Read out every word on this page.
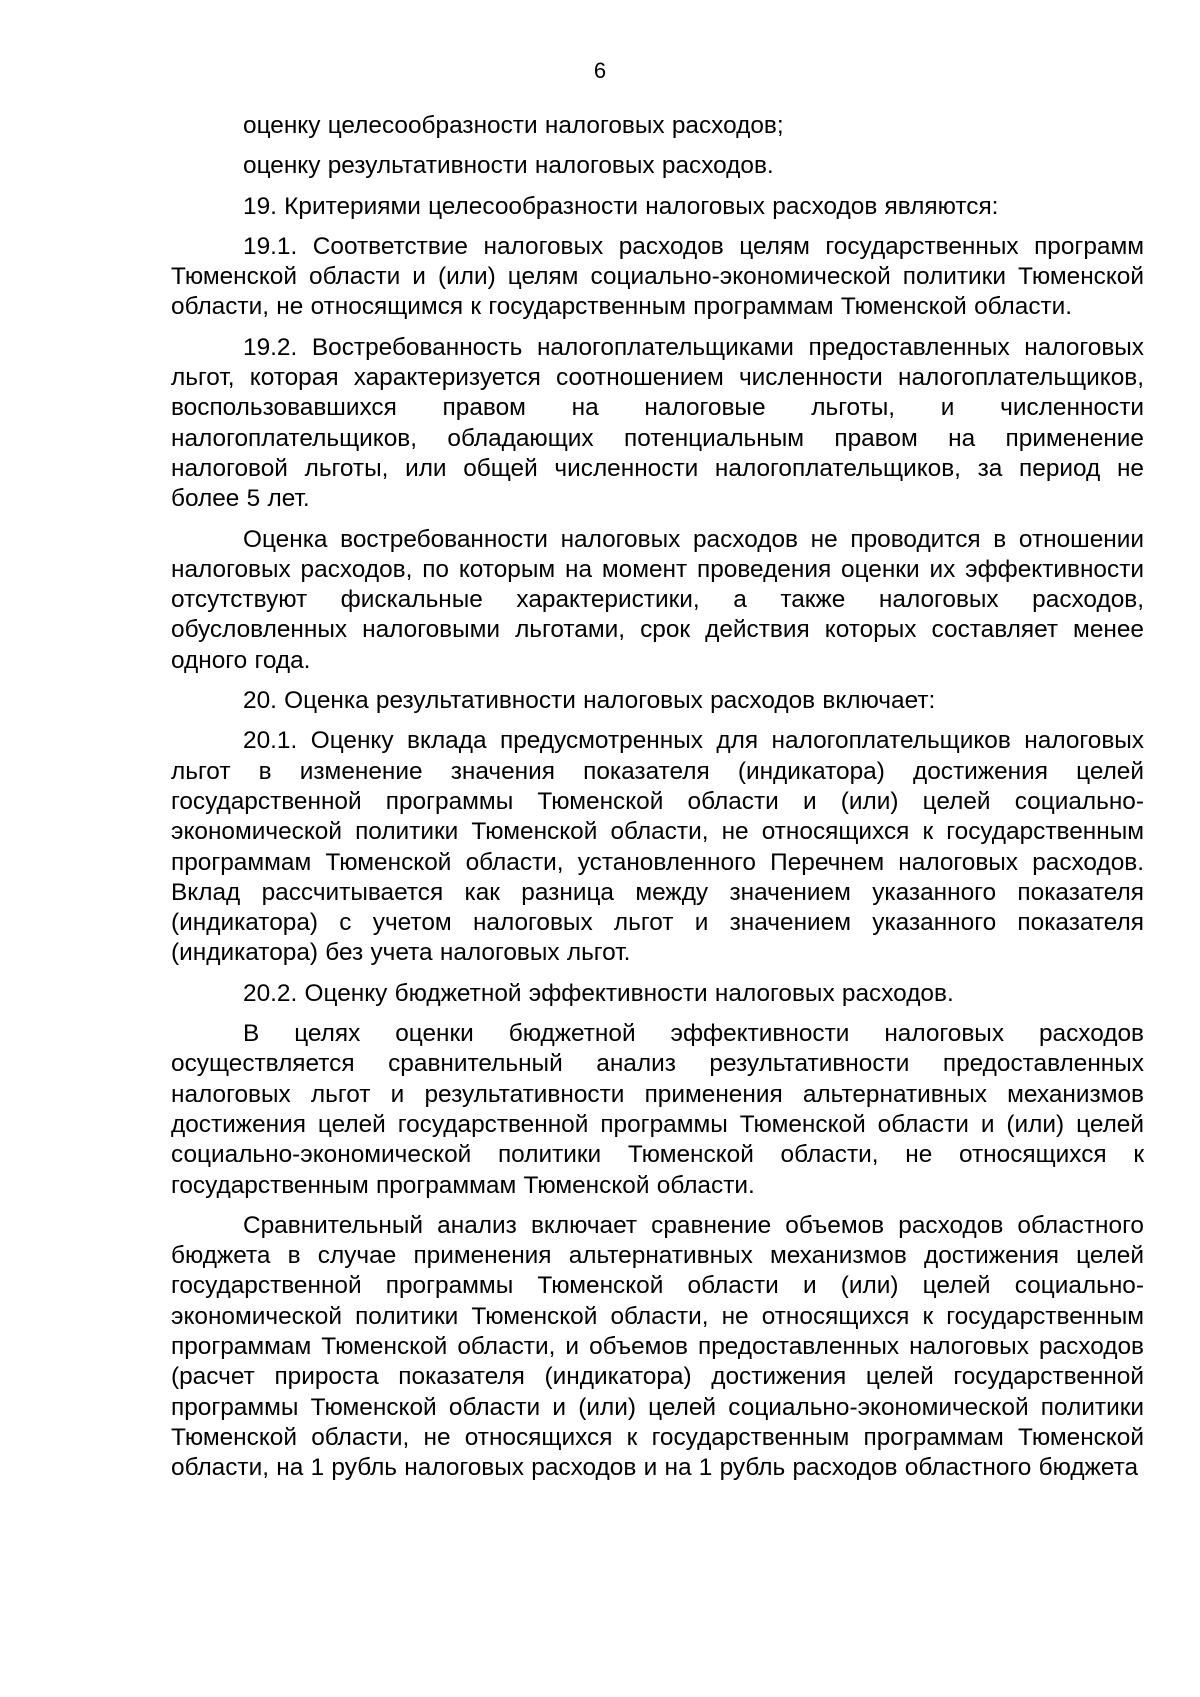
6

оценку целесообразности налоговых расходов;

оценку результативности налоговых расходов.

19. Критериями целесообразности налоговых расходов являются:

19.1. Соответствие налоговых расходов целям государственных программ Тюменской области и (или) целям социально-экономической политики Тюменской области, не относящимся к государственным программам Тюменской области.

19.2. Востребованность налогоплательщиками предоставленных налоговых льгот, которая характеризуется соотношением численности налогоплательщиков, воспользовавшихся правом на налоговые льготы, и численности налогоплательщиков, обладающих потенциальным правом на применение налоговой льготы, или общей численности налогоплательщиков, за период не более 5 лет.

Оценка востребованности налоговых расходов не проводится в отношении налоговых расходов, по которым на момент проведения оценки их эффективности отсутствуют фискальные характеристики, а также налоговых расходов, обусловленных налоговыми льготами, срок действия которых составляет менее одного года.

20. Оценка результативности налоговых расходов включает:

20.1. Оценку вклада предусмотренных для налогоплательщиков налоговых льгот в изменение значения показателя (индикатора) достижения целей государственной программы Тюменской области и (или) целей социально-экономической политики Тюменской области, не относящихся к государственным программам Тюменской области, установленного Перечнем налоговых расходов. Вклад рассчитывается как разница между значением указанного показателя (индикатора) с учетом налоговых льгот и значением указанного показателя (индикатора) без учета налоговых льгот.

20.2. Оценку бюджетной эффективности налоговых расходов.

В целях оценки бюджетной эффективности налоговых расходов осуществляется сравнительный анализ результативности предоставленных налоговых льгот и результативности применения альтернативных механизмов достижения целей государственной программы Тюменской области и (или) целей социально-экономической политики Тюменской области, не относящихся к государственным программам Тюменской области.

Сравнительный анализ включает сравнение объемов расходов областного бюджета в случае применения альтернативных механизмов достижения целей государственной программы Тюменской области и (или) целей социально-экономической политики Тюменской области, не относящихся к государственным программам Тюменской области, и объемов предоставленных налоговых расходов (расчет прироста показателя (индикатора) достижения целей государственной программы Тюменской области и (или) целей социально-экономической политики Тюменской области, не относящихся к государственным программам Тюменской области, на 1 рубль налоговых расходов и на 1 рубль расходов областного бюджета
